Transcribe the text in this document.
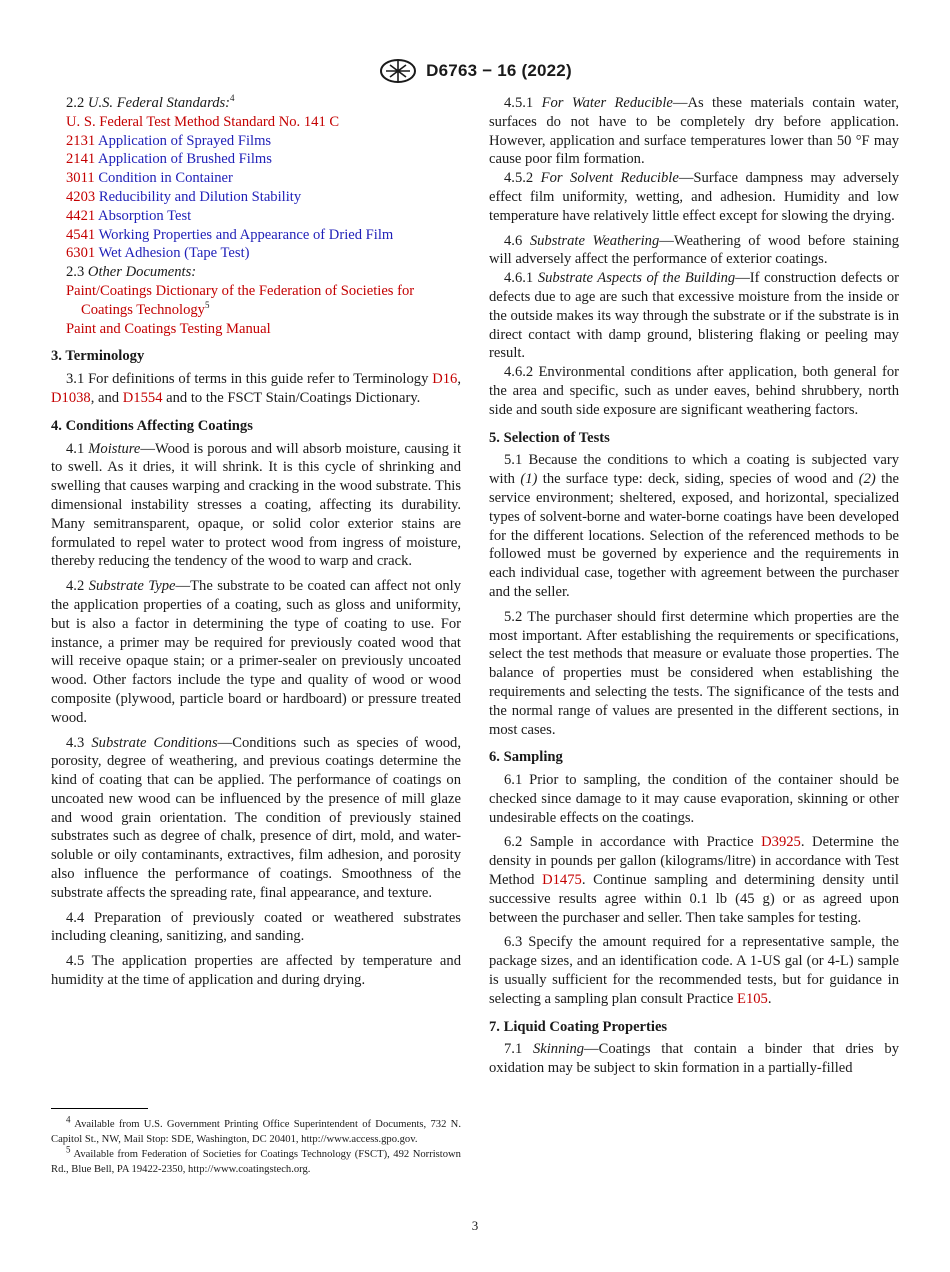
D6763 − 16 (2022)
2.2 U.S. Federal Standards:$^4$
U. S. Federal Test Method Standard No. 141 C
2131 Application of Sprayed Films
2141 Application of Brushed Films
3011 Condition in Container
4203 Reducibility and Dilution Stability
4421 Absorption Test
4541 Working Properties and Appearance of Dried Film
6301 Wet Adhesion (Tape Test)
2.3 Other Documents:
Paint/Coatings Dictionary of the Federation of Societies for Coatings Technology$^5$
Paint and Coatings Testing Manual
3. Terminology

3.1 For definitions of terms in this guide refer to Terminology D16, D1038, and D1554 and to the FSCT Stain/Coatings Dictionary.

4. Conditions Affecting Coatings

4.1 Moisture—Wood is porous and will absorb moisture, causing it to swell. As it dries, it will shrink. It is this cycle of shrinking and swelling that causes warping and cracking in the wood substrate. This dimensional instability stresses a coating, affecting its durability. Many semitransparent, opaque, or solid color exterior stains are formulated to repel water to protect wood from ingress of moisture, thereby reducing the tendency of the wood to warp and crack.

4.2 Substrate Type—The substrate to be coated can affect not only the application properties of a coating, such as gloss and uniformity, but is also a factor in determining the type of coating to use. For instance, a primer may be required for previously coated wood that will receive opaque stain; or a primer-sealer on previously uncoated wood. Other factors include the type and quality of wood or wood composite (plywood, particle board or hardboard) or pressure treated wood.

4.3 Substrate Conditions—Conditions such as species of wood, porosity, degree of weathering, and previous coatings determine the kind of coating that can be applied. The performance of coatings on uncoated new wood can be influenced by the presence of mill glaze and wood grain orientation. The condition of previously stained substrates such as degree of chalk, presence of dirt, mold, and water-soluble or oily contaminants, extractives, film adhesion, and porosity also influence the performance of coatings. Smoothness of the substrate affects the spreading rate, final appearance, and texture.

4.4 Preparation of previously coated or weathered substrates including cleaning, sanitizing, and sanding.

4.5 The application properties are affected by temperature and humidity at the time of application and during drying.

4.5.1 For Water Reducible—As these materials contain water, surfaces do not have to be completely dry before application. However, application and surface temperatures lower than 50 °F may cause poor film formation.

4.5.2 For Solvent Reducible—Surface dampness may adversely effect film uniformity, wetting, and adhesion. Humidity and low temperature have relatively little effect except for slowing the drying.

4.6 Substrate Weathering—Weathering of wood before staining will adversely affect the performance of exterior coatings.

4.6.1 Substrate Aspects of the Building—If construction defects or defects due to age are such that excessive moisture from the inside or the outside makes its way through the substrate or if the substrate is in direct contact with damp ground, blistering flaking or peeling may result.

4.6.2 Environmental conditions after application, both general for the area and specific, such as under eaves, behind shrubbery, north side and south side exposure are significant weathering factors.

5. Selection of Tests

5.1 Because the conditions to which a coating is subjected vary with (1) the surface type: deck, siding, species of wood and (2) the service environment; sheltered, exposed, and horizontal, specialized types of solvent-borne and water-borne coatings have been developed for the different locations. Selection of the referenced methods to be followed must be governed by experience and the requirements in each individual case, together with agreement between the purchaser and the seller.

5.2 The purchaser should first determine which properties are the most important. After establishing the requirements or specifications, select the test methods that measure or evaluate those properties. The balance of properties must be considered when establishing the requirements and selecting the tests. The significance of the tests and the normal range of values are presented in the different sections, in most cases.

6. Sampling

6.1 Prior to sampling, the condition of the container should be checked since damage to it may cause evaporation, skinning or other undesirable effects on the coatings.

6.2 Sample in accordance with Practice D3925. Determine the density in pounds per gallon (kilograms/litre) in accordance with Test Method D1475. Continue sampling and determining density until successive results agree within 0.1 lb (45 g) or as agreed upon between the purchaser and seller. Then take samples for testing.

6.3 Specify the amount required for a representative sample, the package sizes, and an identification code. A 1-US gal (or 4-L) sample is usually sufficient for the recommended tests, but for guidance in selecting a sampling plan consult Practice E105.

7. Liquid Coating Properties

7.1 Skinning—Coatings that contain a binder that dries by oxidation may be subject to skin formation in a partially-filled

$^4$ Available from U.S. Government Printing Office Superintendent of Documents, 732 N. Capitol St., NW, Mail Stop: SDE, Washington, DC 20401, http://www.access.gpo.gov.

$^5$ Available from Federation of Societies for Coatings Technology (FSCT), 492 Norristown Rd., Blue Bell, PA 19422-2350, http://www.coatingstech.org.

3
